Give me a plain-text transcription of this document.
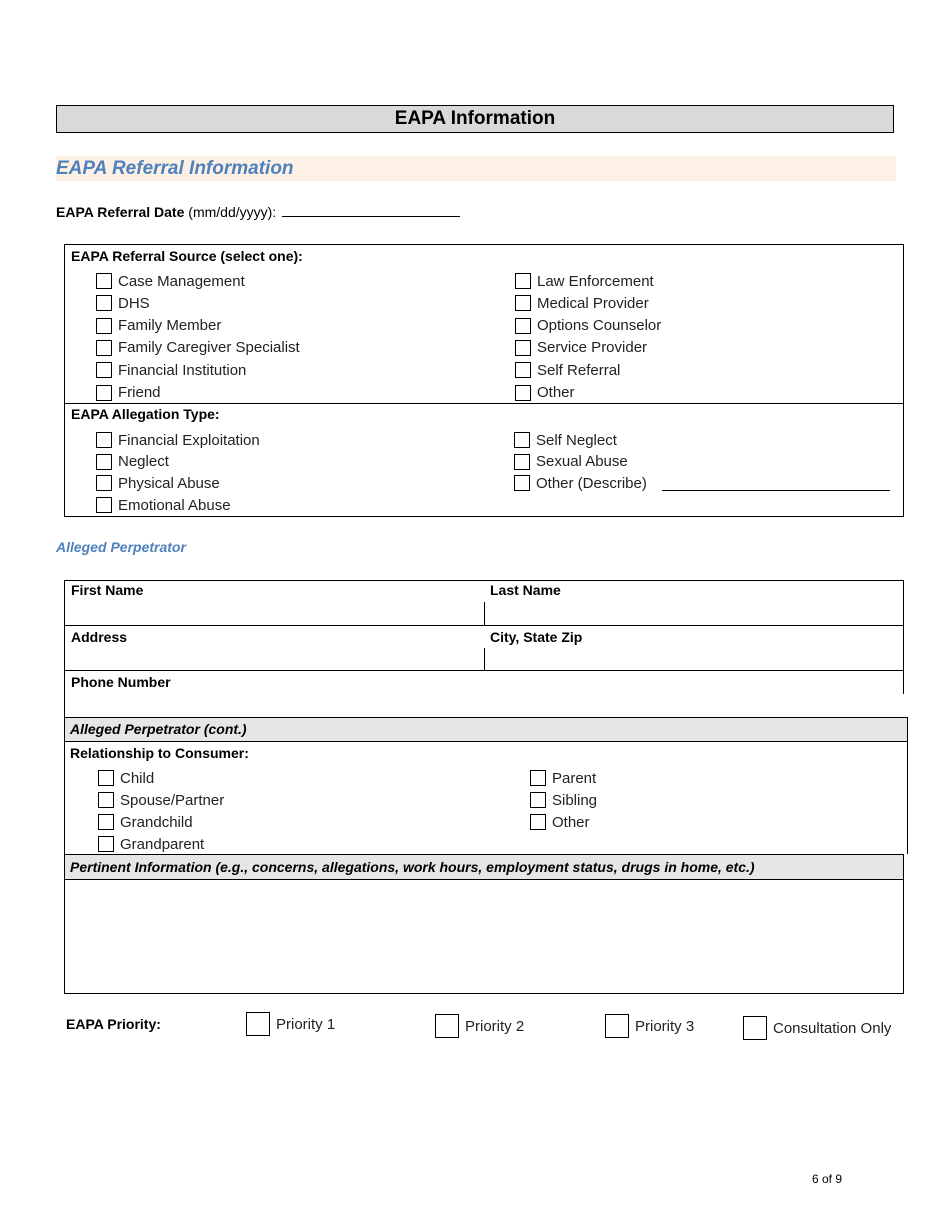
EAPA Information
EAPA Referral Information
EAPA Referral Date (mm/dd/yyyy):
EAPA Referral Source (select one):
Case Management
DHS
Family Member
Family Caregiver Specialist
Financial Institution
Friend
Law Enforcement
Medical Provider
Options Counselor
Service Provider
Self Referral
Other
EAPA Allegation Type:
Financial Exploitation
Neglect
Physical Abuse
Emotional Abuse
Self Neglect
Sexual Abuse
Other (Describe)
Alleged Perpetrator
First Name	Last Name
Address	City, State Zip
Phone Number
Alleged Perpetrator (cont.)
Relationship to Consumer:
Child
Spouse/Partner
Grandchild
Grandparent
Parent
Sibling
Other
Pertinent Information (e.g., concerns, allegations, work hours, employment status, drugs in home, etc.)
EAPA Priority:	Priority 1	Priority 2	Priority 3	Consultation Only
6 of 9
